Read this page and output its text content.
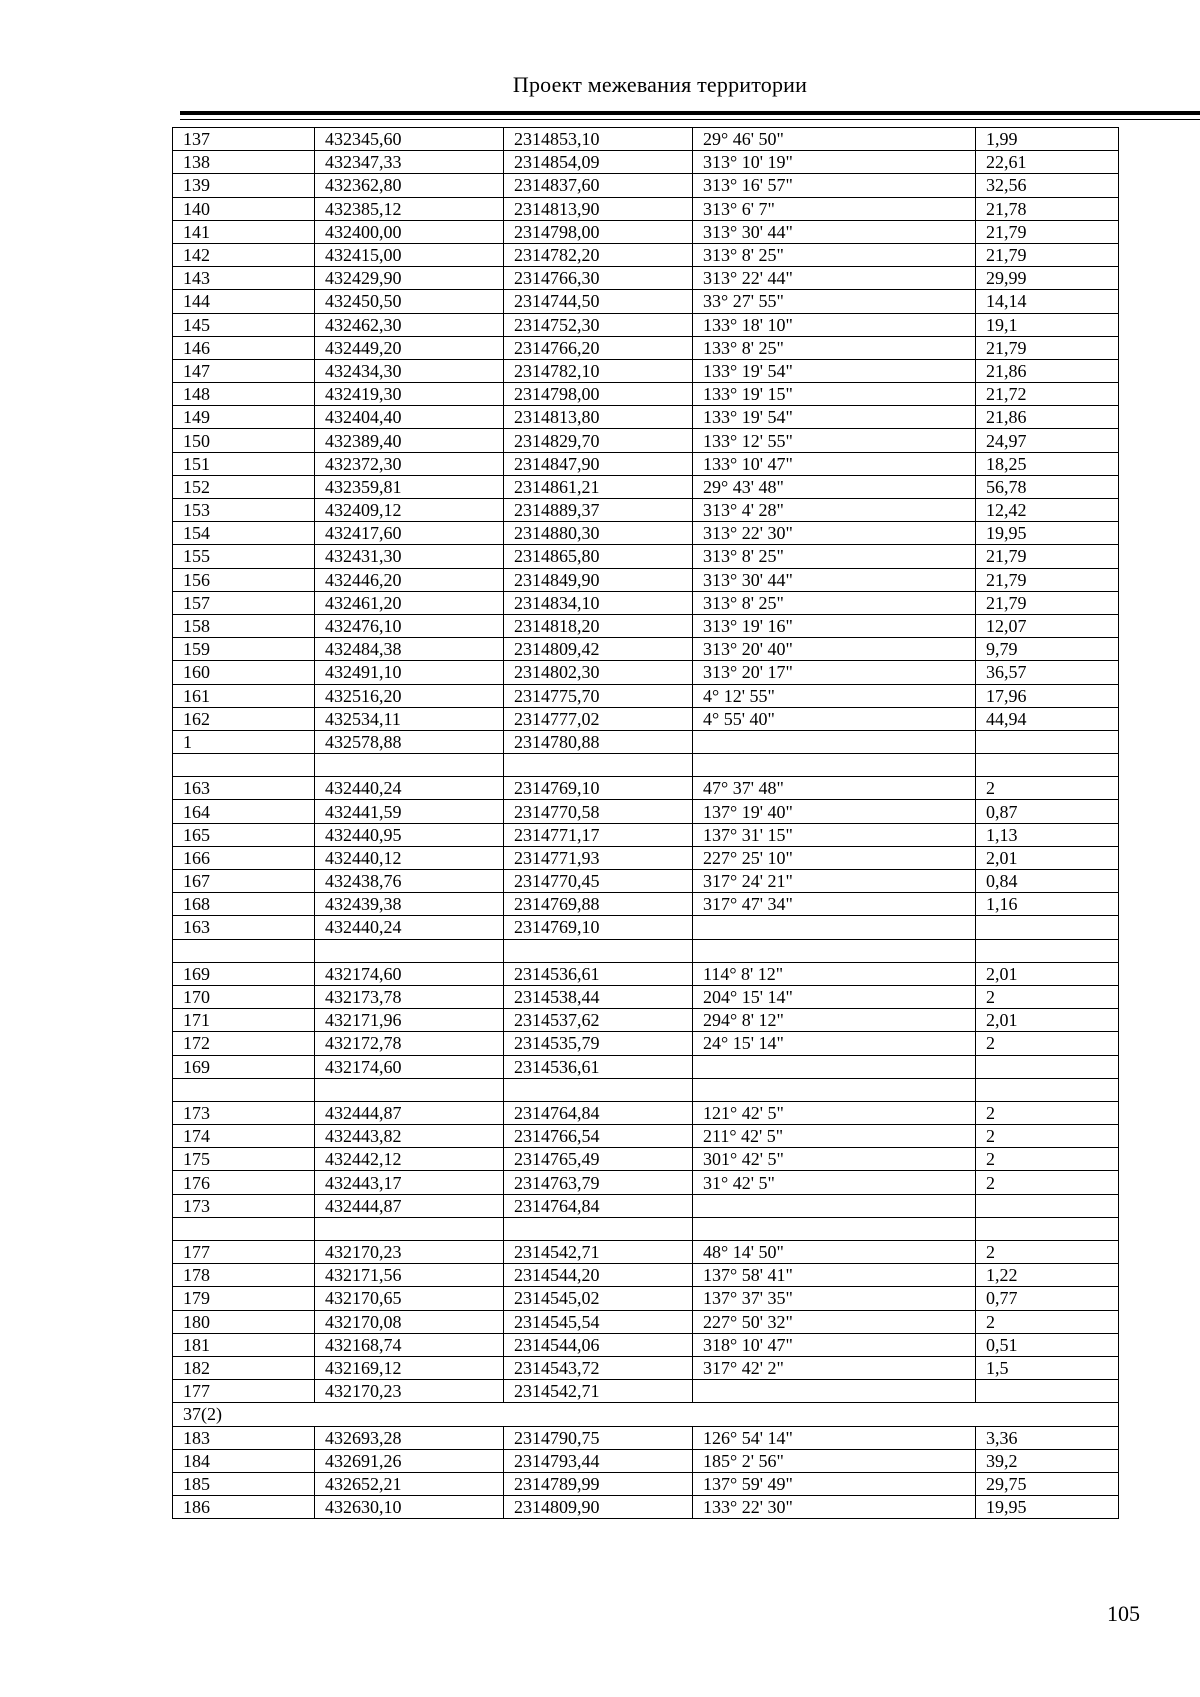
Проект межевания территории
137	432345,60	2314853,10	29° 46' 50"	1,99
138	432347,33	2314854,09	313° 10' 19"	22,61
139	432362,80	2314837,60	313° 16' 57"	32,56
140	432385,12	2314813,90	313° 6' 7"	21,78
141	432400,00	2314798,00	313° 30' 44"	21,79
142	432415,00	2314782,20	313° 8' 25"	21,79
143	432429,90	2314766,30	313° 22' 44"	29,99
144	432450,50	2314744,50	33° 27' 55"	14,14
145	432462,30	2314752,30	133° 18' 10"	19,1
146	432449,20	2314766,20	133° 8' 25"	21,79
147	432434,30	2314782,10	133° 19' 54"	21,86
148	432419,30	2314798,00	133° 19' 15"	21,72
149	432404,40	2314813,80	133° 19' 54"	21,86
150	432389,40	2314829,70	133° 12' 55"	24,97
151	432372,30	2314847,90	133° 10' 47"	18,25
152	432359,81	2314861,21	29° 43' 48"	56,78
153	432409,12	2314889,37	313° 4' 28"	12,42
154	432417,60	2314880,30	313° 22' 30"	19,95
155	432431,30	2314865,80	313° 8' 25"	21,79
156	432446,20	2314849,90	313° 30' 44"	21,79
157	432461,20	2314834,10	313° 8' 25"	21,79
158	432476,10	2314818,20	313° 19' 16"	12,07
159	432484,38	2314809,42	313° 20' 40"	9,79
160	432491,10	2314802,30	313° 20' 17"	36,57
161	432516,20	2314775,70	4° 12' 55"	17,96
162	432534,11	2314777,02	4° 55' 40"	44,94
1	432578,88	2314780,88		

163	432440,24	2314769,10	47° 37' 48"	2
164	432441,59	2314770,58	137° 19' 40"	0,87
165	432440,95	2314771,17	137° 31' 15"	1,13
166	432440,12	2314771,93	227° 25' 10"	2,01
167	432438,76	2314770,45	317° 24' 21"	0,84
168	432439,38	2314769,88	317° 47' 34"	1,16
163	432440,24	2314769,10		

169	432174,60	2314536,61	114° 8' 12"	2,01
170	432173,78	2314538,44	204° 15' 14"	2
171	432171,96	2314537,62	294° 8' 12"	2,01
172	432172,78	2314535,79	24° 15' 14"	2
169	432174,60	2314536,61		

173	432444,87	2314764,84	121° 42' 5"	2
174	432443,82	2314766,54	211° 42' 5"	2
175	432442,12	2314765,49	301° 42' 5"	2
176	432443,17	2314763,79	31° 42' 5"	2
173	432444,87	2314764,84		

177	432170,23	2314542,71	48° 14' 50"	2
178	432171,56	2314544,20	137° 58' 41"	1,22
179	432170,65	2314545,02	137° 37' 35"	0,77
180	432170,08	2314545,54	227° 50' 32"	2
181	432168,74	2314544,06	318° 10' 47"	0,51
182	432169,12	2314543,72	317° 42' 2"	1,5
177	432170,23	2314542,71		
37(2)				
183	432693,28	2314790,75	126° 54' 14"	3,36
184	432691,26	2314793,44	185° 2' 56"	39,2
185	432652,21	2314789,99	137° 59' 49"	29,75
186	432630,10	2314809,90	133° 22' 30"	19,95
105
